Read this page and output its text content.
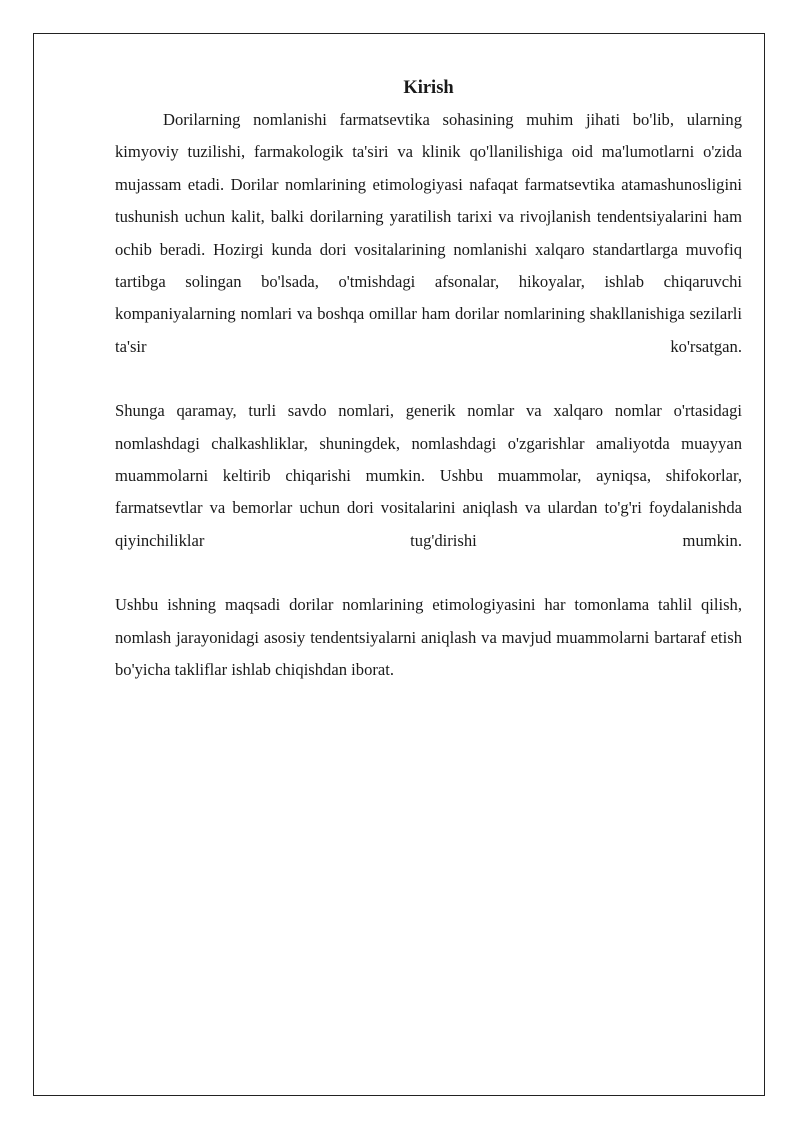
Kirish

Dorilarning nomlanishi farmatsevtika sohasining muhim jihati bo'lib, ularning kimyoviy tuzilishi, farmakologik ta'siri va klinik qo'llanilishiga oid ma'lumotlarni o'zida mujassam etadi. Dorilar nomlarining etimologiyasi nafaqat farmatsevtika atamashunosligini tushunish uchun kalit, balki dorilarning yaratilish tarixi va rivojlanish tendentsiyalarini ham ochib beradi. Hozirgi kunda dori vositalarining nomlanishi xalqaro standartlarga muvofiq tartibga solingan bo'lsada, o'tmishdagi afsonalar, hikoyalar, ishlab chiqaruvchi kompaniyalarning nomlari va boshqa omillar ham dorilar nomlarining shakllanishiga sezilarli ta'sir ko'rsatgan.

Shunga qaramay, turli savdo nomlari, generik nomlar va xalqaro nomlar o'rtasidagi nomlashdagi chalkashliklar, shuningdek, nomlashdagi o'zgarishlar amaliyotda muayyan muammolarni keltirib chiqarishi mumkin. Ushbu muammolar, ayniqsa, shifokorlar, farmatsevtlar va bemorlar uchun dori vositalarini aniqlash va ulardan to'g'ri foydalanishda qiyinchiliklar tug'dirishi mumkin.

Ushbu ishning maqsadi dorilar nomlarining etimologiyasini har tomonlama tahlil qilish, nomlash jarayonidagi asosiy tendentsiyalarni aniqlash va mavjud muammolarni bartaraf etish bo'yicha takliflar ishlab chiqishdan iborat.
